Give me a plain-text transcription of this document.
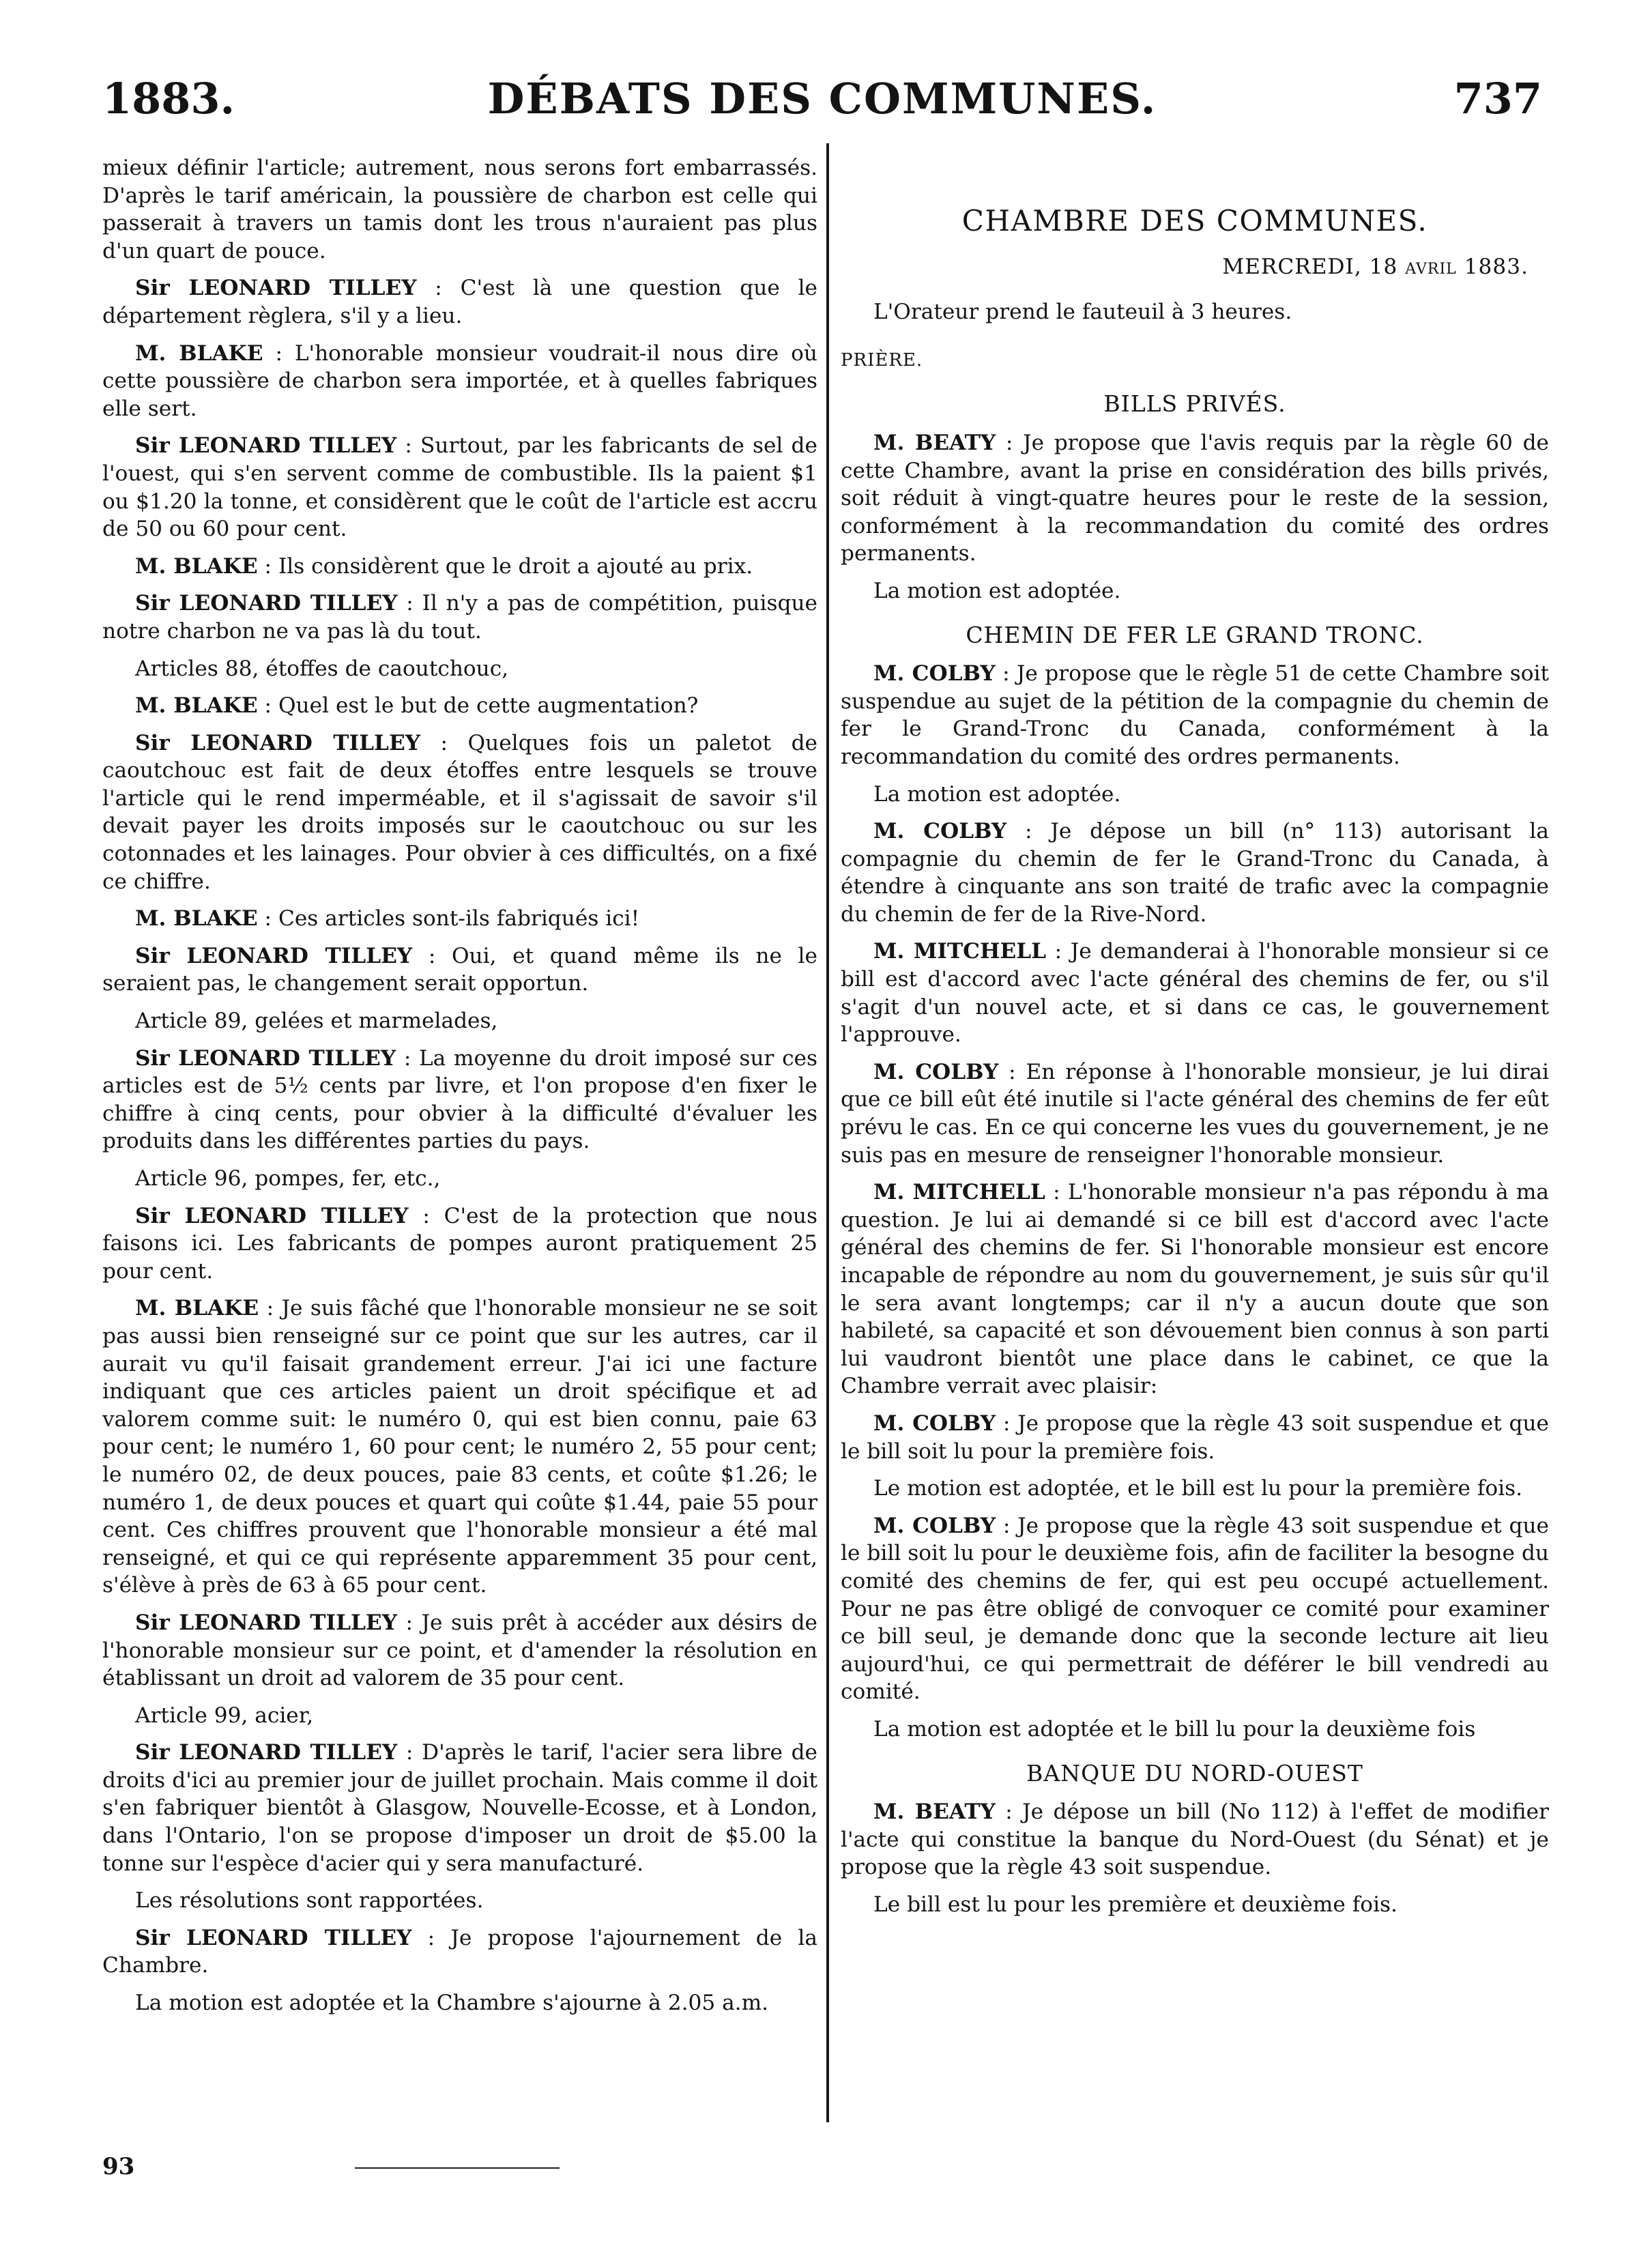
1883.	DÉBATS DES COMMUNES.	737

mieux définir l'article; autrement, nous serons fort embarrassés. D'après le tarif américain, la poussière de charbon est celle qui passerait à travers un tamis dont les trous n'auraient pas plus d'un quart de pouce.

Sir LEONARD TILLEY : C'est là une question que le département règlera, s'il y a lieu.

M. BLAKE : L'honorable monsieur voudrait-il nous dire où cette poussière de charbon sera importée, et à quelles fabriques elle sert.

Sir LEONARD TILLEY : Surtout, par les fabricants de sel de l'ouest, qui s'en servent comme de combustible. Ils la paient $1 ou $1.20 la tonne, et considèrent que le coût de l'article est accru de 50 ou 60 pour cent.

M. BLAKE : Ils considèrent que le droit a ajouté au prix.

Sir LEONARD TILLEY : Il n'y a pas de compétition, puisque notre charbon ne va pas là du tout.

Articles 88, étoffes de caoutchouc,

M. BLAKE : Quel est le but de cette augmentation?

Sir LEONARD TILLEY : Quelques fois un paletot de caoutchouc est fait de deux étoffes entre lesquels se trouve l'article qui le rend imperméable, et il s'agissait de savoir s'il devait payer les droits imposés sur le caoutchouc ou sur les cotonnades et les lainages. Pour obvier à ces difficultés, on a fixé ce chiffre.

M. BLAKE : Ces articles sont-ils fabriqués ici!

Sir LEONARD TILLEY : Oui, et quand même ils ne le seraient pas, le changement serait opportun.

Article 89, gelées et marmelades,

Sir LEONARD TILLEY : La moyenne du droit imposé sur ces articles est de 5½ cents par livre, et l'on propose d'en fixer le chiffre à cinq cents, pour obvier à la difficulté d'évaluer les produits dans les différentes parties du pays.

Article 96, pompes, fer, etc.,

Sir LEONARD TILLEY : C'est de la protection que nous faisons ici. Les fabricants de pompes auront pratiquement 25 pour cent.

M. BLAKE : Je suis fâché que l'honorable monsieur ne se soit pas aussi bien renseigné sur ce point que sur les autres, car il aurait vu qu'il faisait grandement erreur. J'ai ici une facture indiquant que ces articles paient un droit spécifique et ad valorem comme suit: le numéro 0, qui est bien connu, paie 63 pour cent; le numéro 1, 60 pour cent; le numéro 2, 55 pour cent; le numéro 02, de deux pouces, paie 83 cents, et coûte $1.26; le numéro 1, de deux pouces et quart qui coûte $1.44, paie 55 pour cent. Ces chiffres prouvent que l'honorable monsieur a été mal renseigné, et qui ce qui représente apparemment 35 pour cent, s'élève à près de 63 à 65 pour cent.

Sir LEONARD TILLEY : Je suis prêt à accéder aux désirs de l'honorable monsieur sur ce point, et d'amender la résolution en établissant un droit ad valorem de 35 pour cent.

Article 99, acier,

Sir LEONARD TILLEY : D'après le tarif, l'acier sera libre de droits d'ici au premier jour de juillet prochain. Mais comme il doit s'en fabriquer bientôt à Glasgow, Nouvelle-Ecosse, et à London, dans l'Ontario, l'on se propose d'imposer un droit de $5.00 la tonne sur l'espèce d'acier qui y sera manufacturé.

Les résolutions sont rapportées.

Sir LEONARD TILLEY : Je propose l'ajournement de la Chambre.

La motion est adoptée et la Chambre s'ajourne à 2.05 a.m.

CHAMBRE DES COMMUNES.
MERCREDI, 18 avril 1883.

L'Orateur prend le fauteuil à 3 heures.

PRIÈRE.

BILLS PRIVÉS.

M. BEATY : Je propose que l'avis requis par la règle 60 de cette Chambre, avant la prise en considération des bills privés, soit réduit à vingt-quatre heures pour le reste de la session, conformément à la recommandation du comité des ordres permanents.

La motion est adoptée.

CHEMIN DE FER LE GRAND TRONC.

M. COLBY : Je propose que le règle 51 de cette Chambre soit suspendue au sujet de la pétition de la compagnie du chemin de fer le Grand-Tronc du Canada, conformément à la recommandation du comité des ordres permanents.

La motion est adoptée.

M. COLBY : Je dépose un bill (n° 113) autorisant la compagnie du chemin de fer le Grand-Tronc du Canada, à étendre à cinquante ans son traité de trafic avec la compagnie du chemin de fer de la Rive-Nord.

M. MITCHELL : Je demanderai à l'honorable monsieur si ce bill est d'accord avec l'acte général des chemins de fer, ou s'il s'agit d'un nouvel acte, et si dans ce cas, le gouvernement l'approuve.

M. COLBY : En réponse à l'honorable monsieur, je lui dirai que ce bill eût été inutile si l'acte général des chemins de fer eût prévu le cas. En ce qui concerne les vues du gouvernement, je ne suis pas en mesure de renseigner l'honorable monsieur.

M. MITCHELL : L'honorable monsieur n'a pas répondu à ma question. Je lui ai demandé si ce bill est d'accord avec l'acte général des chemins de fer. Si l'honorable monsieur est encore incapable de répondre au nom du gouvernement, je suis sûr qu'il le sera avant longtemps; car il n'y a aucun doute que son habileté, sa capacité et son dévouement bien connus à son parti lui vaudront bientôt une place dans le cabinet, ce que la Chambre verrait avec plaisir:

M. COLBY : Je propose que la règle 43 soit suspendue et que le bill soit lu pour la première fois.

Le motion est adoptée, et le bill est lu pour la première fois.

M. COLBY : Je propose que la règle 43 soit suspendue et que le bill soit lu pour le deuxième fois, afin de faciliter la besogne du comité des chemins de fer, qui est peu occupé actuellement. Pour ne pas être obligé de convoquer ce comité pour examiner ce bill seul, je demande donc que la seconde lecture ait lieu aujourd'hui, ce qui permettrait de déférer le bill vendredi au comité.

La motion est adoptée et le bill lu pour la deuxième fois

BANQUE DU NORD-OUEST

M. BEATY : Je dépose un bill (No 112) à l'effet de modifier l'acte qui constitue la banque du Nord-Ouest (du Sénat) et je propose que la règle 43 soit suspendue.

Le bill est lu pour les première et deuxième fois.

93
